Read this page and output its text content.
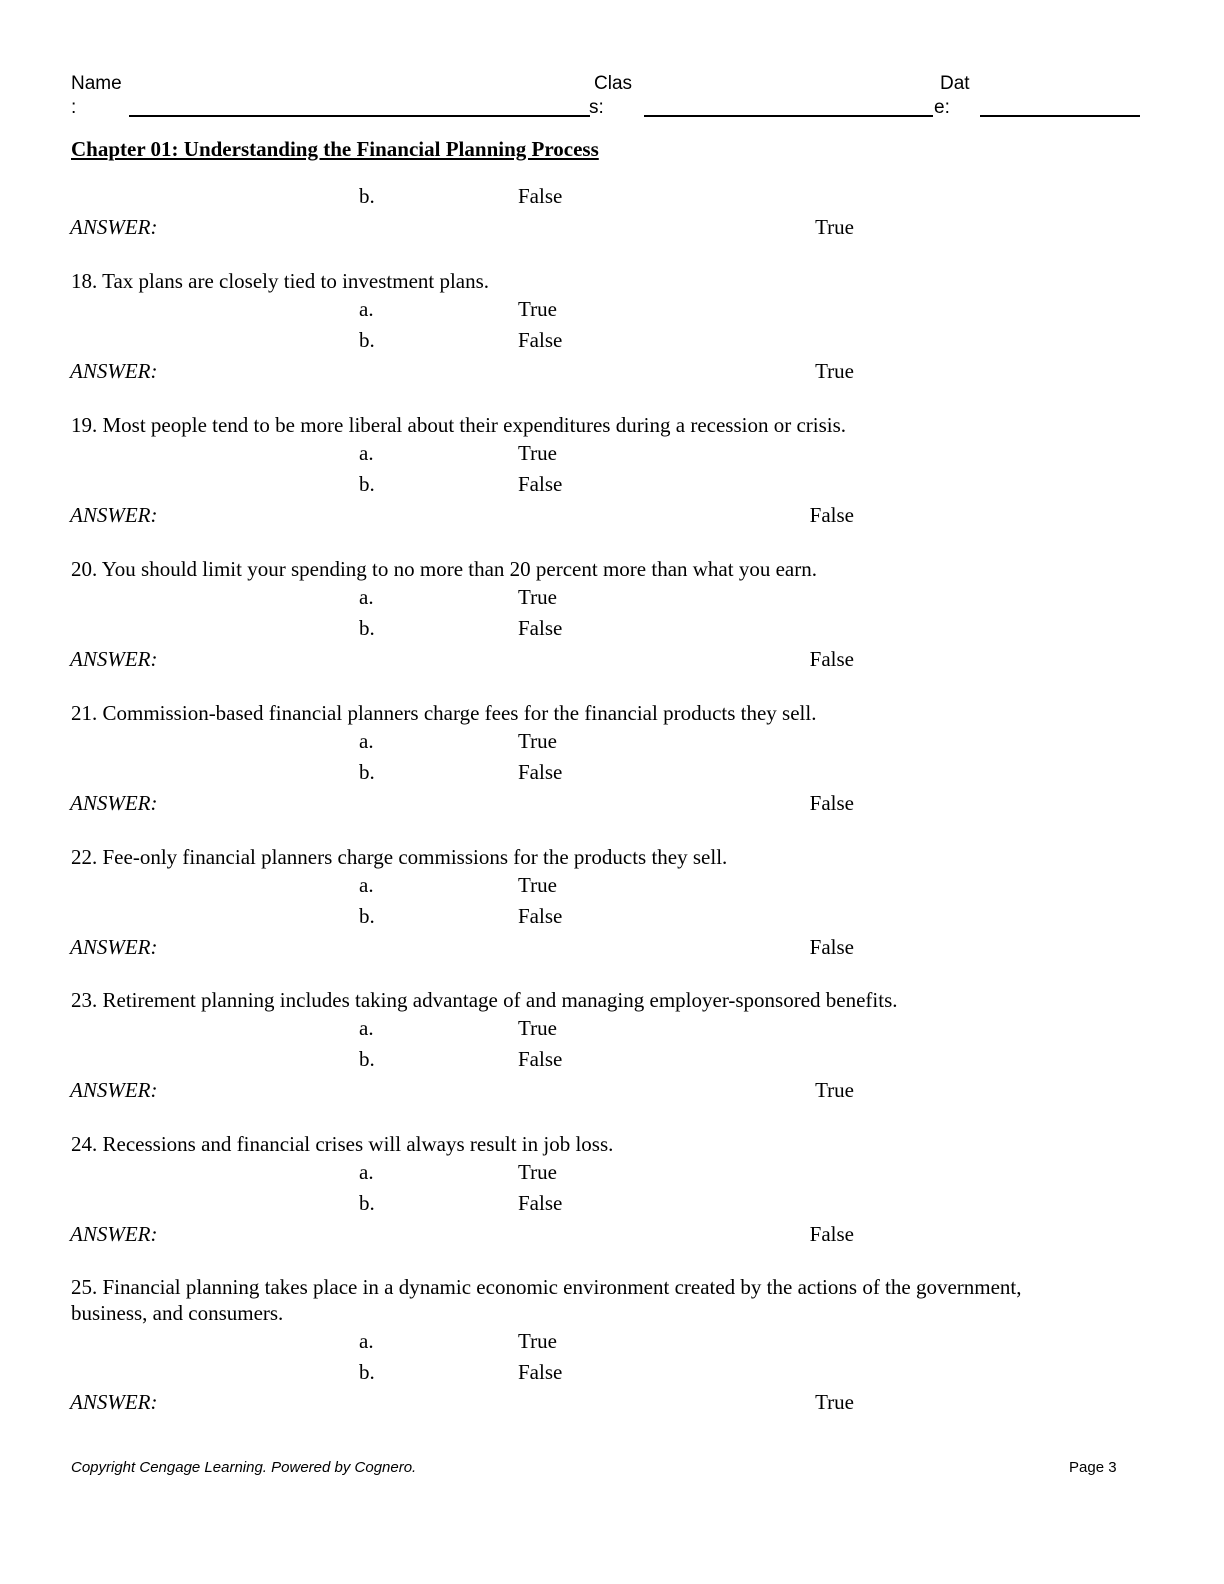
Name
:
Clas
s:
Dat
e:
Chapter 01: Understanding the Financial Planning Process
b.	False
ANSWER:	True
18. Tax plans are closely tied to investment plans.
a.	True
b.	False
ANSWER:	True
19. Most people tend to be more liberal about their expenditures during a recession or crisis.
a.	True
b.	False
ANSWER:	False
20. You should limit your spending to no more than 20 percent more than what you earn.
a.	True
b.	False
ANSWER:	False
21. Commission-based financial planners charge fees for the financial products they sell.
a.	True
b.	False
ANSWER:	False
22. Fee-only financial planners charge commissions for the products they sell.
a.	True
b.	False
ANSWER:	False
23. Retirement planning includes taking advantage of and managing employer-sponsored benefits.
a.	True
b.	False
ANSWER:	True
24. Recessions and financial crises will always result in job loss.
a.	True
b.	False
ANSWER:	False
25. Financial planning takes place in a dynamic economic environment created by the actions of the government, business, and consumers.
a.	True
b.	False
ANSWER:	True
Copyright Cengage Learning. Powered by Cognero.	Page 3
